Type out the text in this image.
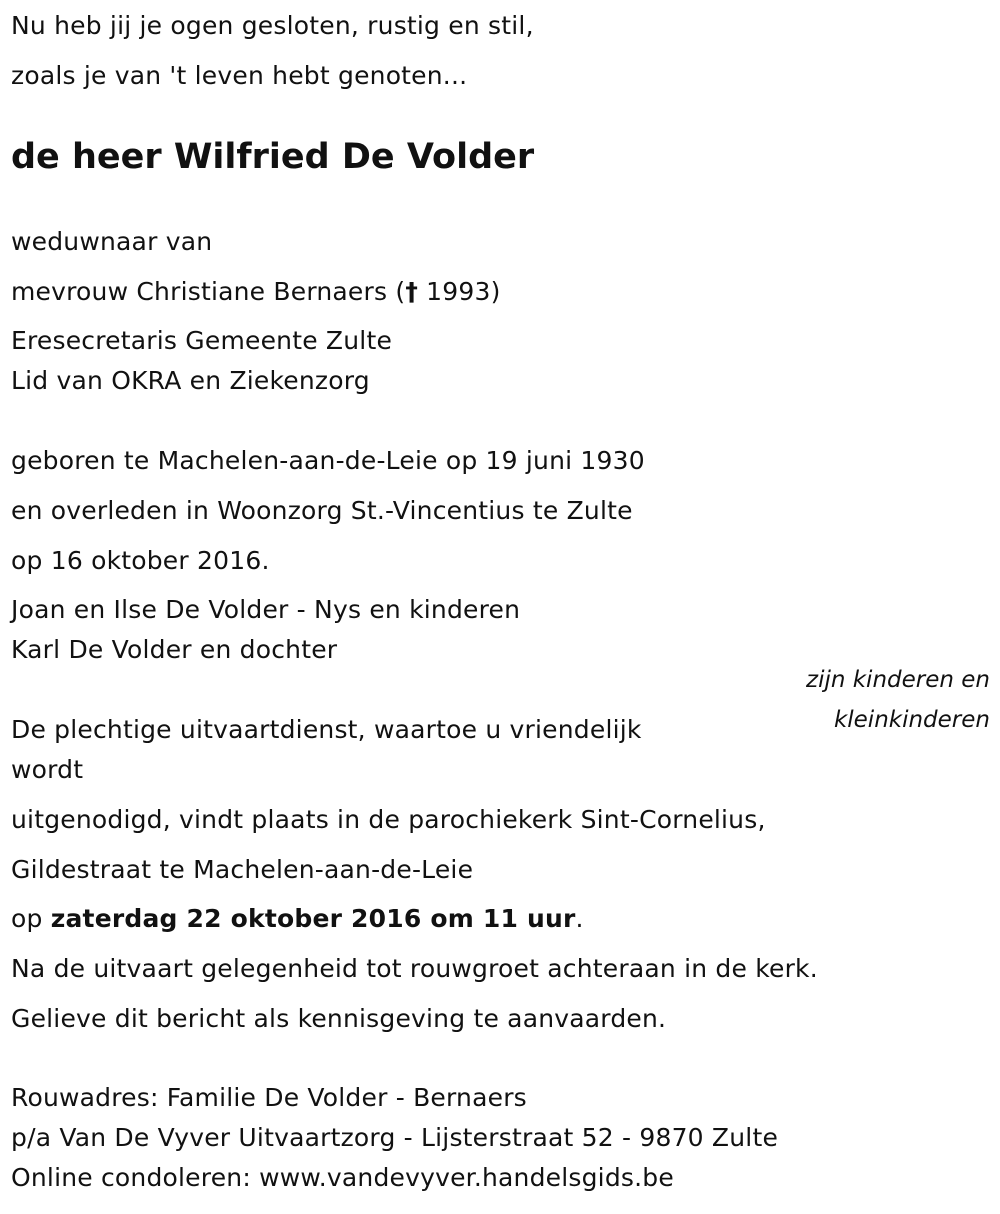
Nu heb jij je ogen gesloten, rustig en stil,
zoals je van 't leven hebt genoten...
de heer Wilfried De Volder
weduwnaar van
mevrouw Christiane Bernaers († 1993)
Eresecretaris Gemeente Zulte
Lid van OKRA en Ziekenzorg
geboren te Machelen-aan-de-Leie op 19 juni 1930
en overleden in Woonzorg St.-Vincentius te Zulte
op 16 oktober 2016.
Joan en Ilse De Volder - Nys en kinderen
Karl De Volder en dochter
zijn kinderen en
kleinkinderen
De plechtige uitvaartdienst, waartoe u vriendelijk
wordt
uitgenodigd, vindt plaats in de parochiekerk Sint-Cornelius,
Gildestraat te Machelen-aan-de-Leie
op zaterdag 22 oktober 2016 om 11 uur.
Na de uitvaart gelegenheid tot rouwgroet achteraan in de kerk.
Gelieve dit bericht als kennisgeving te aanvaarden.
Rouwadres: Familie De Volder - Bernaers
p/a Van De Vyver Uitvaartzorg - Lijsterstraat 52 - 9870 Zulte
Online condoleren: www.vandevyver.handelsgids.be
